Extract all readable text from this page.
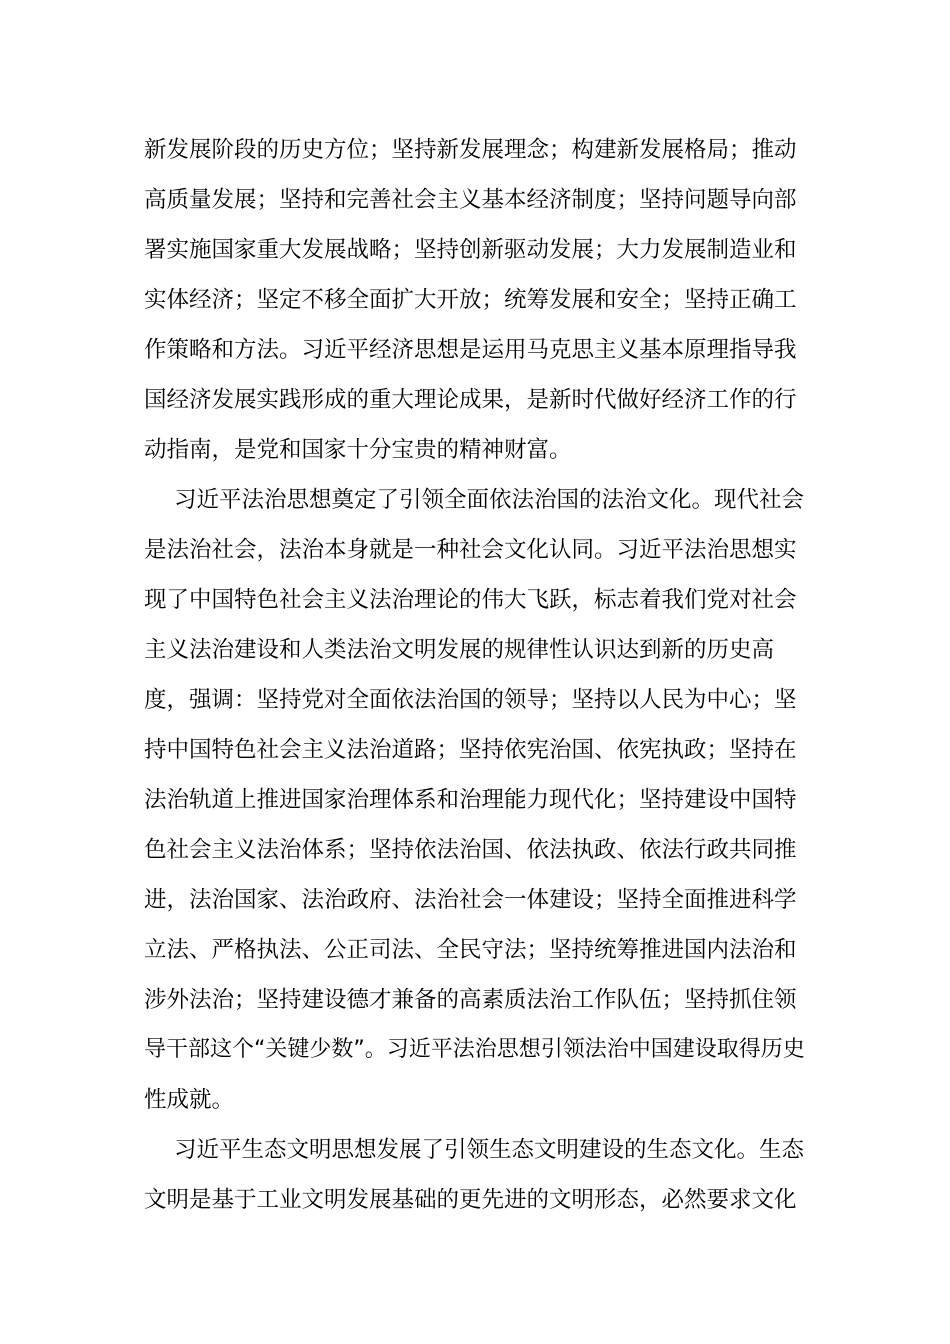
新发展阶段的历史方位；坚持新发展理念；构建新发展格局；推动
高质量发展；坚持和完善社会主义基本经济制度；坚持问题导向部
署实施国家重大发展战略；坚持创新驱动发展；大力发展制造业和
实体经济；坚定不移全面扩大开放；统筹发展和安全；坚持正确工
作策略和方法。习近平经济思想是运用马克思主义基本原理指导我
国经济发展实践形成的重大理论成果，是新时代做好经济工作的行
动指南，是党和国家十分宝贵的精神财富。
习近平法治思想奠定了引领全面依法治国的法治文化。现代社会
是法治社会，法治本身就是一种社会文化认同。习近平法治思想实
现了中国特色社会主义法治理论的伟大飞跃，标志着我们党对社会
主义法治建设和人类法治文明发展的规律性认识达到新的历史高
度，强调：坚持党对全面依法治国的领导；坚持以人民为中心；坚
持中国特色社会主义法治道路；坚持依宪治国、依宪执政；坚持在
法治轨道上推进国家治理体系和治理能力现代化；坚持建设中国特
色社会主义法治体系；坚持依法治国、依法执政、依法行政共同推
进，法治国家、法治政府、法治社会一体建设；坚持全面推进科学
立法、严格执法、公正司法、全民守法；坚持统筹推进国内法治和
涉外法治；坚持建设德才兼备的高素质法治工作队伍；坚持抓住领
导干部这个“关键少数”。习近平法治思想引领法治中国建设取得历史
性成就。
习近平生态文明思想发展了引领生态文明建设的生态文化。生态
文明是基于工业文明发展基础的更先进的文明形态，必然要求文化
